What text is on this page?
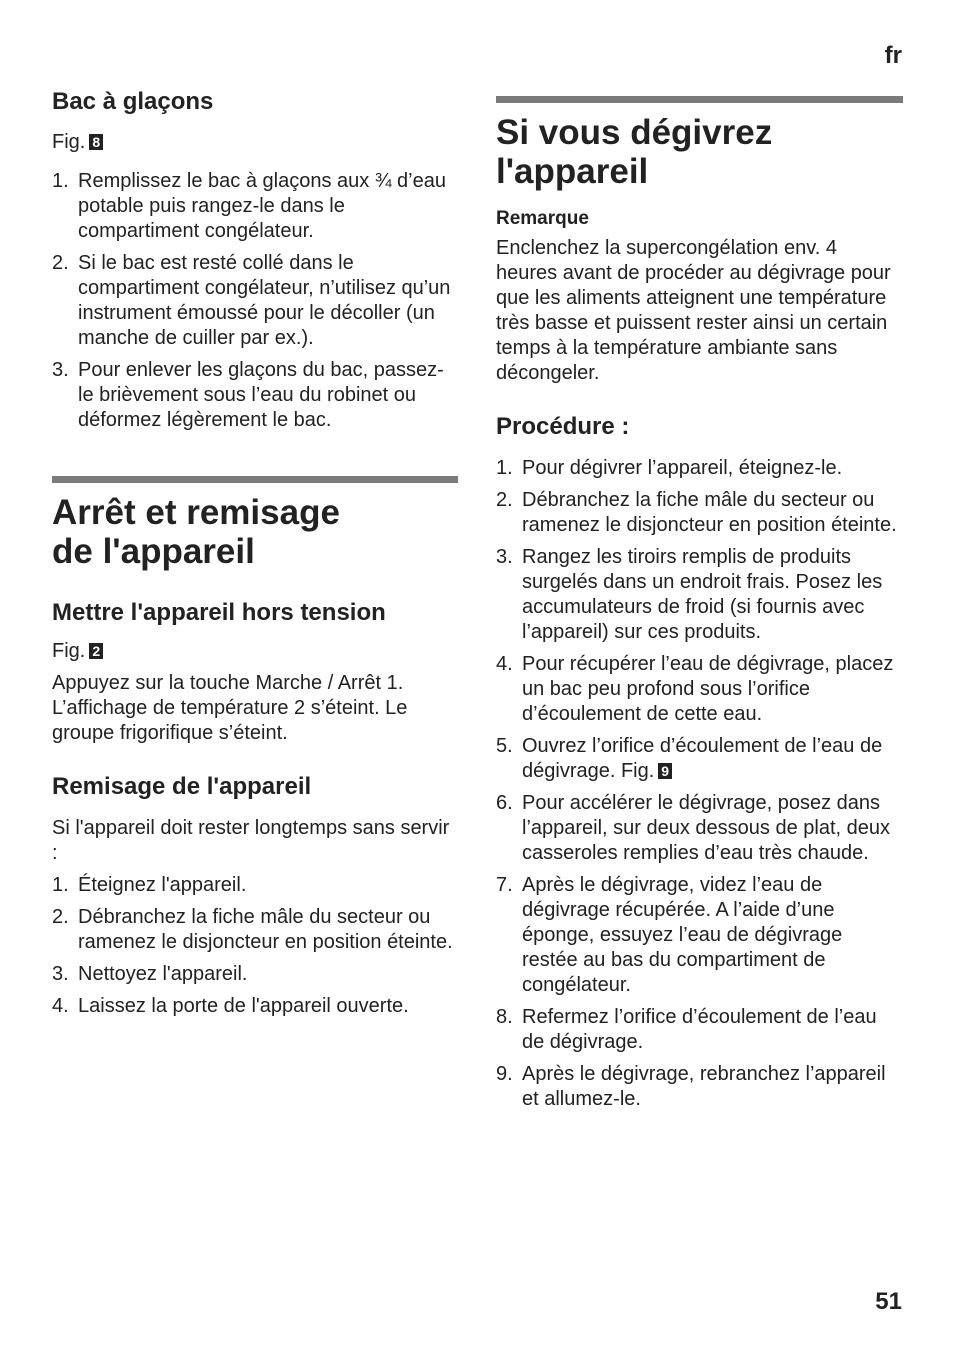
fr
Bac à glaçons

Fig. 8

1. Remplissez le bac à glaçons aux ¾ d’eau potable puis rangez-le dans le compartiment congélateur.
2. Si le bac est resté collé dans le compartiment congélateur, n’utilisez qu’un instrument émoussé pour le décoller (un manche de cuiller par ex.).
3. Pour enlever les glaçons du bac, passez-le brièvement sous l’eau du robinet ou déformez légèrement le bac.
Arrêt et remisage
de l'appareil
Mettre l'appareil hors tension

Fig. 2

Appuyez sur la touche Marche / Arrêt 1. L’affichage de température 2 s’éteint. Le groupe frigorifique s’éteint.

Remisage de l'appareil

Si l'appareil doit rester longtemps sans servir :

1. Éteignez l'appareil.
2. Débranchez la fiche mâle du secteur ou ramenez le disjoncteur en position éteinte.
3. Nettoyez l'appareil.
4. Laissez la porte de l'appareil ouverte.
Si vous dégivrez
l'appareil
Remarque

Enclenchez la supercongélation env. 4 heures avant de procéder au dégivrage pour que les aliments atteignent une température très basse et puissent rester ainsi un certain temps à la température ambiante sans décongeler.

Procédure :
1. Pour dégivrer l’appareil, éteignez-le.
2. Débranchez la fiche mâle du secteur ou ramenez le disjoncteur en position éteinte.
3. Rangez les tiroirs remplis de produits surgelés dans un endroit frais. Posez les accumulateurs de froid (si fournis avec l’appareil) sur ces produits.
4. Pour récupérer l’eau de dégivrage, placez un bac peu profond sous l’orifice d’écoulement de cette eau.
5. Ouvrez l’orifice d’écoulement de l’eau de dégivrage. Fig. 9
6. Pour accélérer le dégivrage, posez dans l’appareil, sur deux dessous de plat, deux casseroles remplies d’eau très chaude.
7. Après le dégivrage, videz l’eau de dégivrage récupérée. A l’aide d’une éponge, essuyez l’eau de dégivrage restée au bas du compartiment de congélateur.
8. Refermez l’orifice d’écoulement de l’eau de dégivrage.
9. Après le dégivrage, rebranchez l’appareil et allumez-le.
51
